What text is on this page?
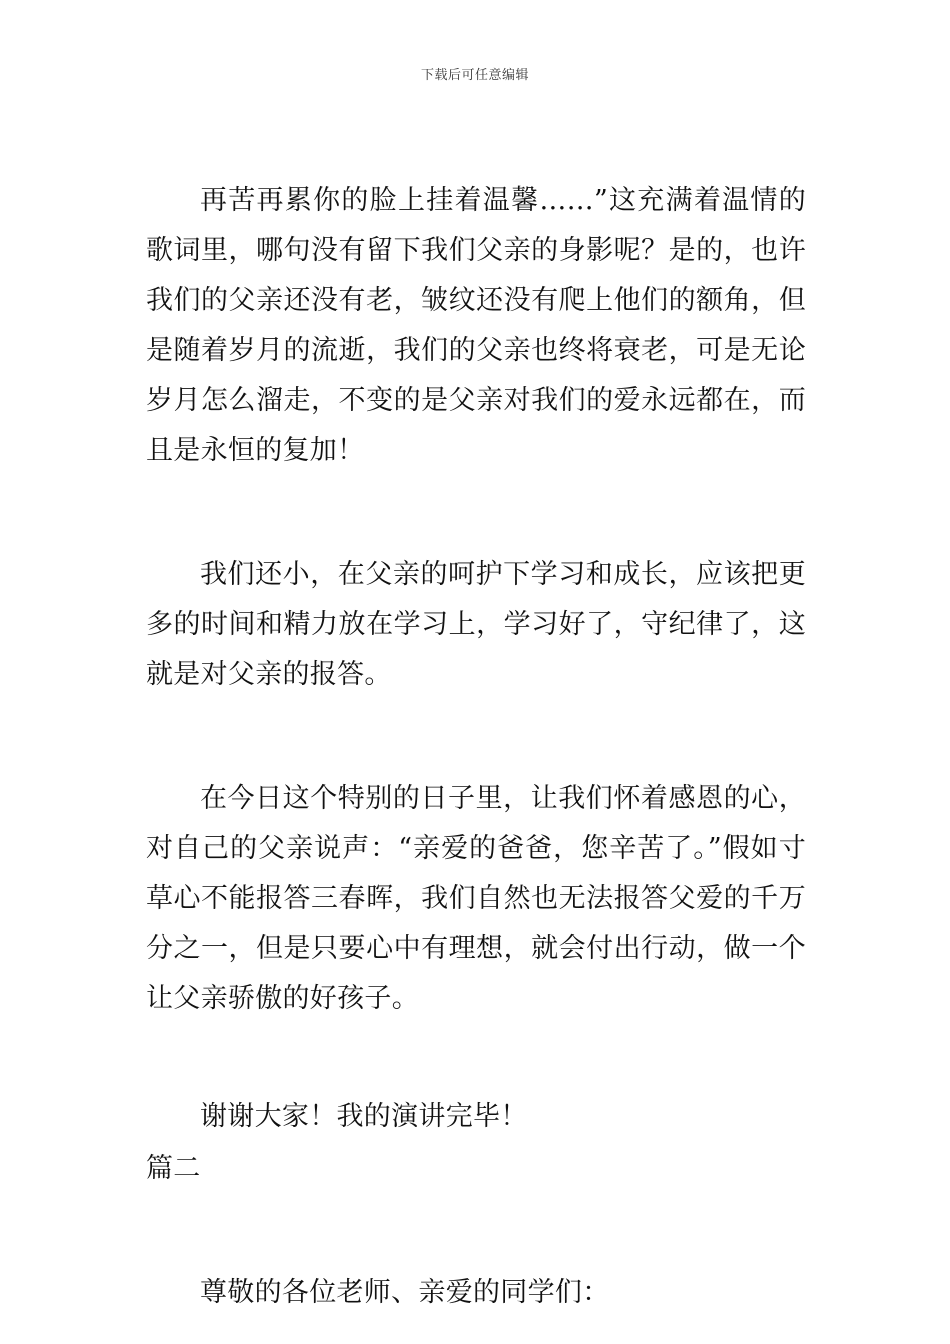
下载后可任意编辑

再苦再累你的脸上挂着温馨……”这充满着温情的歌词里，哪句没有留下我们父亲的身影呢？是的，也许我们的父亲还没有老，皱纹还没有爬上他们的额角，但是随着岁月的流逝，我们的父亲也终将衰老，可是无论岁月怎么溜走，不变的是父亲对我们的爱永远都在，而且是永恒的复加！

我们还小，在父亲的呵护下学习和成长，应该把更多的时间和精力放在学习上，学习好了，守纪律了，这就是对父亲的报答。

在今日这个特别的日子里，让我们怀着感恩的心，对自己的父亲说声：“亲爱的爸爸，您辛苦了。”假如寸草心不能报答三春晖，我们自然也无法报答父爱的千万分之一，但是只要心中有理想，就会付出行动，做一个让父亲骄傲的好孩子。

谢谢大家！我的演讲完毕！

篇二

尊敬的各位老师、亲爱的同学们：
